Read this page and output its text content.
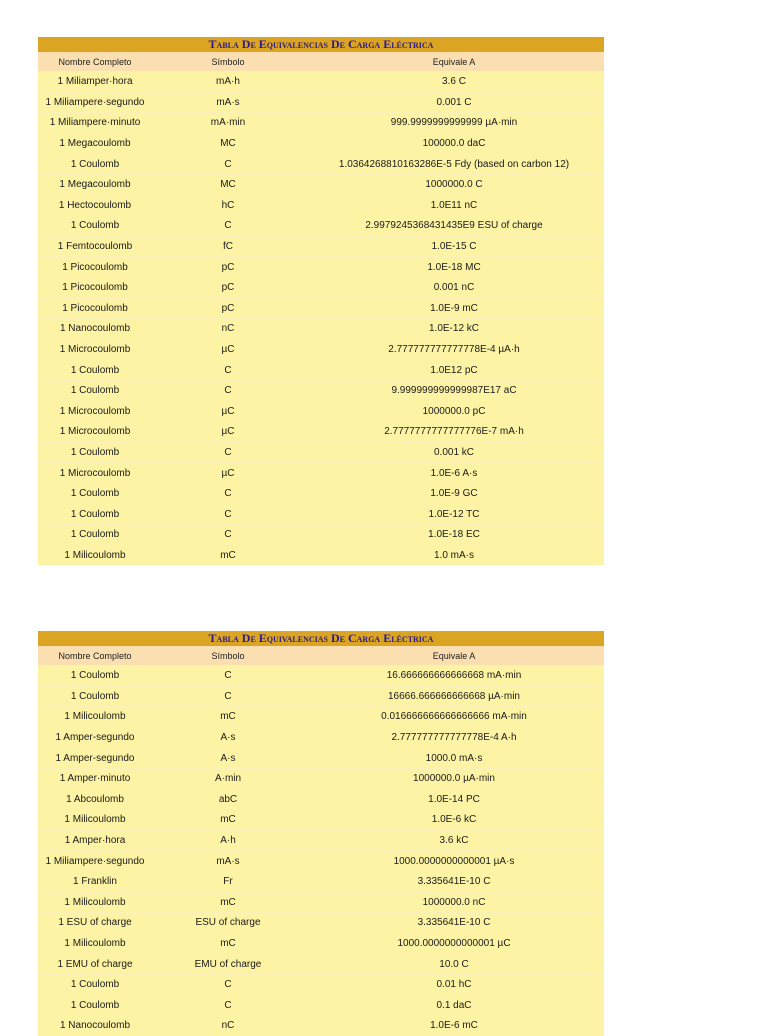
Tabla De Equivalencias De Carga Eléctrica		
Nombre Completo	Símbolo	Equivale A
1 Miliamper·hora	mA·h	3.6 C
1 Miliampere·segundo	mA·s	0.001 C
1 Miliampere·minuto	mA·min	999.9999999999999 µA·min
1 Megacoulomb	MC	100000.0 daC
1 Coulomb	C	1.0364268810163286E-5 Fdy (based on carbon 12)
1 Megacoulomb	MC	1000000.0 C
1 Hectocoulomb	hC	1.0E11 nC
1 Coulomb	C	2.9979245368431435E9 ESU of charge
1 Femtocoulomb	fC	1.0E-15 C
1 Picocoulomb	pC	1.0E-18 MC
1 Picocoulomb	pC	0.001 nC
1 Picocoulomb	pC	1.0E-9 mC
1 Nanocoulomb	nC	1.0E-12 kC
1 Microcoulomb	µC	2.777777777777778E-4 µA·h
1 Coulomb	C	1.0E12 pC
1 Coulomb	C	9.999999999999987E17 aC
1 Microcoulomb	µC	1000000.0 pC
1 Microcoulomb	µC	2.7777777777777776E-7 mA·h
1 Coulomb	C	0.001 kC
1 Microcoulomb	µC	1.0E-6 A·s
1 Coulomb	C	1.0E-9 GC
1 Coulomb	C	1.0E-12 TC
1 Coulomb	C	1.0E-18 EC
1 Milicoulomb	mC	1.0 mA·s
Tabla De Equivalencias De Carga Eléctrica		
Nombre Completo	Símbolo	Equivale A
1 Coulomb	C	16.666666666666668 mA·min
1 Coulomb	C	16666.666666666668 µA·min
1 Milicoulomb	mC	0.016666666666666666 mA·min
1 Amper-segundo	A·s	2.777777777777778E-4 A·h
1 Amper-segundo	A·s	1000.0 mA·s
1 Amper·minuto	A·min	1000000.0 µA·min
1 Abcoulomb	abC	1.0E-14 PC
1 Milicoulomb	mC	1.0E-6 kC
1 Amper·hora	A·h	3.6 kC
1 Miliampere·segundo	mA·s	1000.0000000000001 µA·s
1 Franklin	Fr	3.335641E-10 C
1 Milicoulomb	mC	1000000.0 nC
1 ESU of charge	ESU of charge	3.335641E-10 C
1 Milicoulomb	mC	1000.0000000000001 µC
1 EMU of charge	EMU of charge	10.0 C
1 Coulomb	C	0.01 hC
1 Coulomb	C	0.1 daC
1 Nanocoulomb	nC	1.0E-6 mC
